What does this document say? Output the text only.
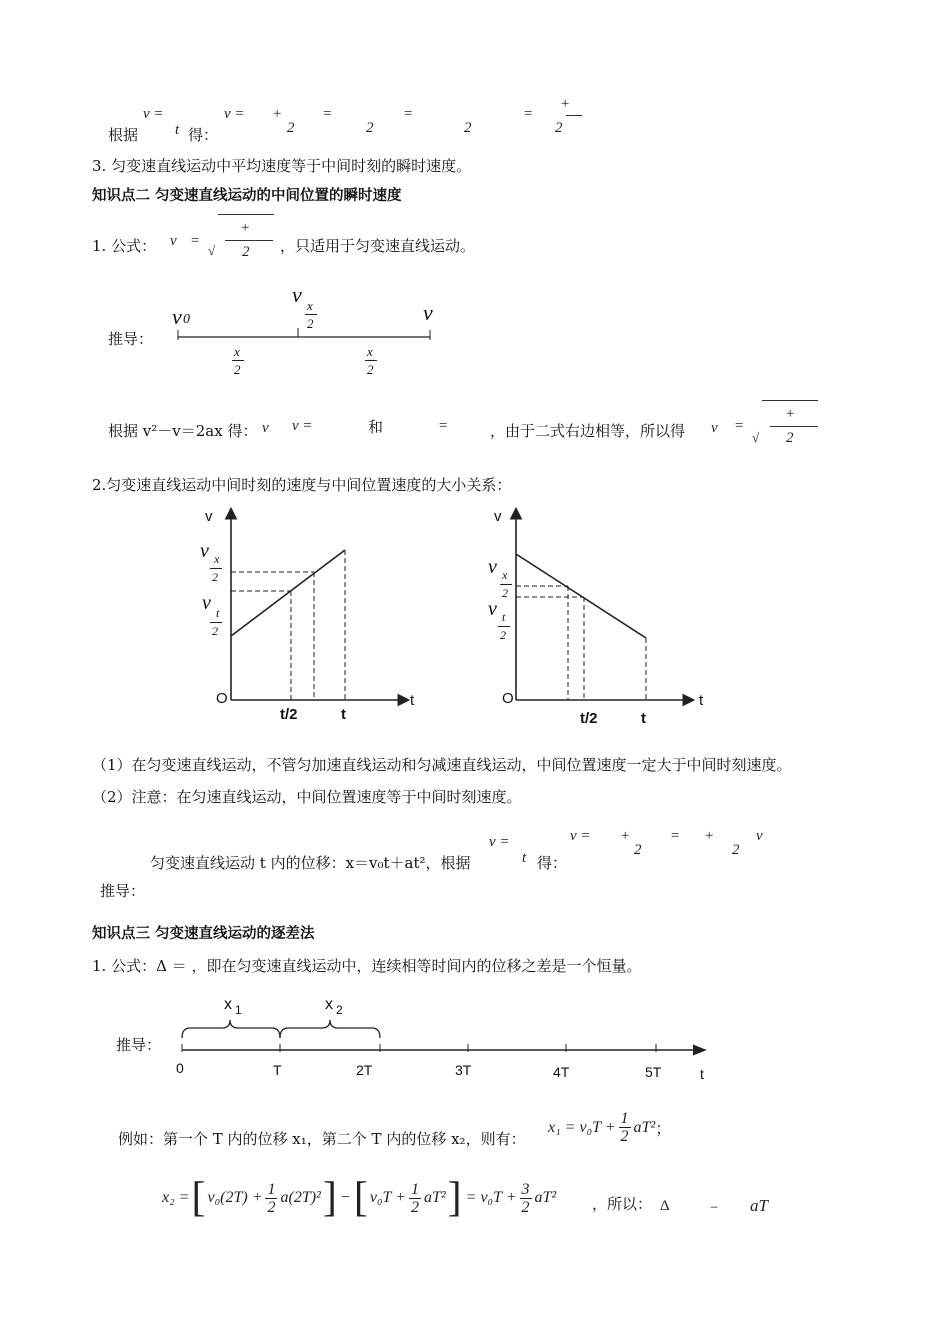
根据
v =
t 得：
v = +
2
=
2
=
2
=
+
2
3. 匀变速直线运动中平均速度等于中间时刻的瞬时速度。
知识点二 匀变速直线运动的中间位置的瞬时速度
1. 公式： v =
√
+
2 ，只适用于匀变速直线运动。
推导：
v 0
v x
2	v
x
2
x
2
根据 v²－v＝2ax 得： v v =	和	=	，由于二式右边相等，所以得 v =
√
+
2
2.匀变速直线运动中间时刻的速度与中间位置速度的大小关系：
v
t
O
t/2	t
v x
2
v t
2
v
t
O
t/2	t
v x
2
v t
2
（1）在匀变速直线运动，不管匀加速直线运动和匀减速直线运动，中间位置速度一定大于中间时刻速度。
（2）注意：在匀速直线运动，中间位置速度等于中间时刻速度。
匀变速直线运动 t 内的位移：x＝v₀t＋at²，根据
v =
t 得：
v = +
2
= +
2
v
推导：
知识点三 匀变速直线运动的逐差法
1. 公式：Δ ＝ ，即在匀变速直线运动中，连续相等时间内的位移之差是一个恒量。
推导：
x 1	x 2
0	T	2T	3T	4T	5T	t
例如：第一个 T 内的位移 x₁，第二个 T 内的位移 x₂，则有：
$x_1 = v_0T + \frac{1}{2} aT^2$ ；
x₂ = [ $v_0(2T) + \frac{1}{2} a(2T)^2$ ] − [ $v_0T + \frac{1}{2} aT^2$ ] = $v_0T + \frac{3}{2} aT^2$ ，所以： Δ	− aT
